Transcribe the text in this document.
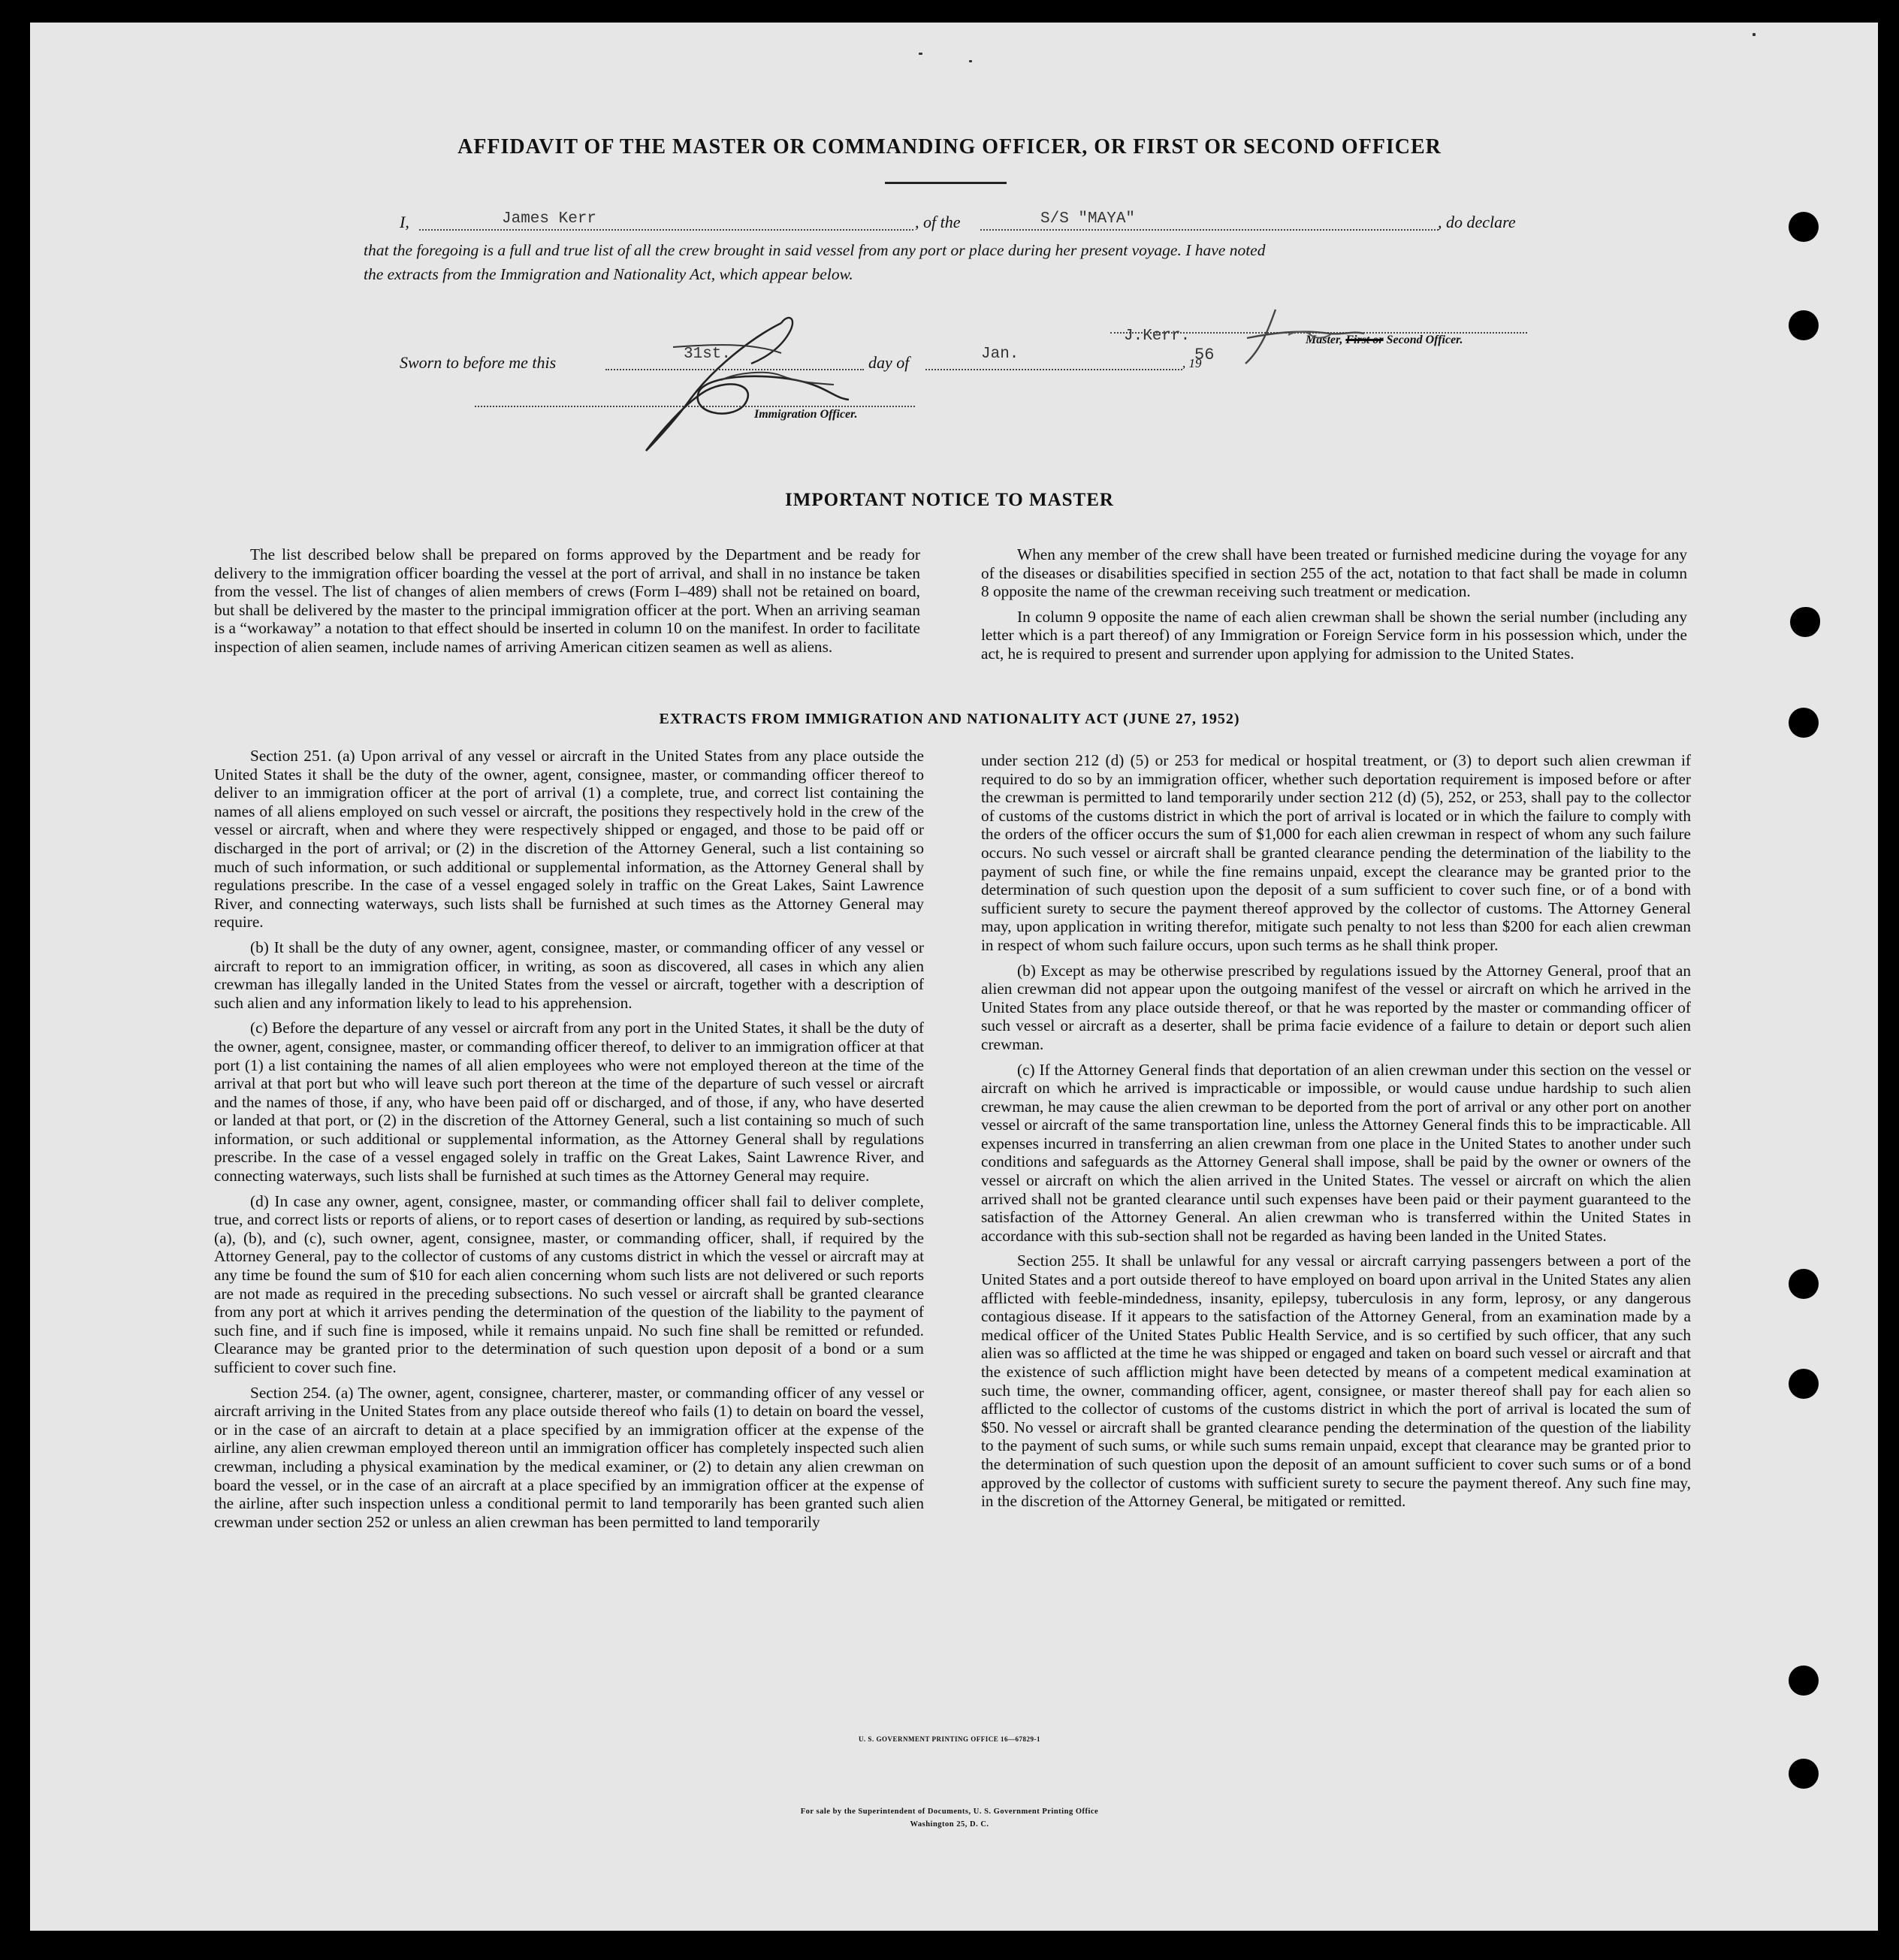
AFFIDAVIT OF THE MASTER OR COMMANDING OFFICER, OR FIRST OR SECOND OFFICER
I,	James Kerr	, of the	S/S "MAYA"	, do declare
that the foregoing is a full and true list of all the crew brought in said vessel from any port or place during her present voyage. I have noted
the extracts from the Immigration and Nationality Act, which appear below.
Sworn to before me this	31st.	day of	Jan.
, 19
56
J.Kerr.	Master, First or Second Officer.
Immigration Officer.
IMPORTANT NOTICE TO MASTER

The list described below shall be prepared on forms approved by the Department and be ready for delivery to the immigration officer boarding the vessel at the port of arrival, and shall in no instance be taken from the vessel. The list of changes of alien members of crews (Form I–489) shall not be retained on board, but shall be delivered by the master to the principal immigration officer at the port. When an arriving seaman is a “workaway” a notation to that effect should be inserted in column 10 on the manifest. In order to facilitate inspection of alien seamen, include names of arriving American citizen seamen as well as aliens.

When any member of the crew shall have been treated or furnished medicine during the voyage for any of the diseases or disabilities specified in section 255 of the act, notation to that fact shall be made in column 8 opposite the name of the crewman receiving such treatment or medication.

In column 9 opposite the name of each alien crewman shall be shown the serial number (including any letter which is a part thereof) of any Immigration or Foreign Service form in his possession which, under the act, he is required to present and surrender upon applying for admission to the United States.

EXTRACTS FROM IMMIGRATION AND NATIONALITY ACT (JUNE 27, 1952)

Section 251. (a) Upon arrival of any vessel or aircraft in the United States from any place outside the United States it shall be the duty of the owner, agent, consignee, master, or commanding officer thereof to deliver to an immigration officer at the port of arrival (1) a complete, true, and correct list containing the names of all aliens employed on such vessel or aircraft, the positions they respectively hold in the crew of the vessel or aircraft, when and where they were respectively shipped or engaged, and those to be paid off or discharged in the port of arrival; or (2) in the discretion of the Attorney General, such a list containing so much of such information, or such additional or supplemental information, as the Attorney General shall by regulations prescribe. In the case of a vessel engaged solely in traffic on the Great Lakes, Saint Lawrence River, and connecting waterways, such lists shall be furnished at such times as the Attorney General may require.

(b) It shall be the duty of any owner, agent, consignee, master, or commanding officer of any vessel or aircraft to report to an immigration officer, in writing, as soon as discovered, all cases in which any alien crewman has illegally landed in the United States from the vessel or aircraft, together with a description of such alien and any information likely to lead to his apprehension.

(c) Before the departure of any vessel or aircraft from any port in the United States, it shall be the duty of the owner, agent, consignee, master, or commanding officer thereof, to deliver to an immigration officer at that port (1) a list containing the names of all alien employees who were not employed thereon at the time of the arrival at that port but who will leave such port thereon at the time of the departure of such vessel or aircraft and the names of those, if any, who have been paid off or discharged, and of those, if any, who have deserted or landed at that port, or (2) in the discretion of the Attorney General, such a list containing so much of such information, or such additional or supplemental information, as the Attorney General shall by regulations prescribe. In the case of a vessel engaged solely in traffic on the Great Lakes, Saint Lawrence River, and connecting waterways, such lists shall be furnished at such times as the Attorney General may require.

(d) In case any owner, agent, consignee, master, or commanding officer shall fail to deliver complete, true, and correct lists or reports of aliens, or to report cases of desertion or landing, as required by sub-sections (a), (b), and (c), such owner, agent, consignee, master, or commanding officer, shall, if required by the Attorney General, pay to the collector of customs of any customs district in which the vessel or aircraft may at any time be found the sum of $10 for each alien concerning whom such lists are not delivered or such reports are not made as required in the preceding subsections. No such vessel or aircraft shall be granted clearance from any port at which it arrives pending the determination of the question of the liability to the payment of such fine, and if such fine is imposed, while it remains unpaid. No such fine shall be remitted or refunded. Clearance may be granted prior to the determination of such question upon deposit of a bond or a sum sufficient to cover such fine.

Section 254. (a) The owner, agent, consignee, charterer, master, or commanding officer of any vessel or aircraft arriving in the United States from any place outside thereof who fails (1) to detain on board the vessel, or in the case of an aircraft to detain at a place specified by an immigration officer at the expense of the airline, any alien crewman employed thereon until an immigration officer has completely inspected such alien crewman, including a physical examination by the medical examiner, or (2) to detain any alien crewman on board the vessel, or in the case of an aircraft at a place specified by an immigration officer at the expense of the airline, after such inspection unless a conditional permit to land temporarily has been granted such alien crewman under section 252 or unless an alien crewman has been permitted to land temporarily

under section 212 (d) (5) or 253 for medical or hospital treatment, or (3) to deport such alien crewman if required to do so by an immigration officer, whether such deportation requirement is imposed before or after the crewman is permitted to land temporarily under section 212 (d) (5), 252, or 253, shall pay to the collector of customs of the customs district in which the port of arrival is located or in which the failure to comply with the orders of the officer occurs the sum of $1,000 for each alien crewman in respect of whom any such failure occurs. No such vessel or aircraft shall be granted clearance pending the determination of the liability to the payment of such fine, or while the fine remains unpaid, except the clearance may be granted prior to the determination of such question upon the deposit of a sum sufficient to cover such fine, or of a bond with sufficient surety to secure the payment thereof approved by the collector of customs. The Attorney General may, upon application in writing therefor, mitigate such penalty to not less than $200 for each alien crewman in respect of whom such failure occurs, upon such terms as he shall think proper.

(b) Except as may be otherwise prescribed by regulations issued by the Attorney General, proof that an alien crewman did not appear upon the outgoing manifest of the vessel or aircraft on which he arrived in the United States from any place outside thereof, or that he was reported by the master or commanding officer of such vessel or aircraft as a deserter, shall be prima facie evidence of a failure to detain or deport such alien crewman.

(c) If the Attorney General finds that deportation of an alien crewman under this section on the vessel or aircraft on which he arrived is impracticable or impossible, or would cause undue hardship to such alien crewman, he may cause the alien crewman to be deported from the port of arrival or any other port on another vessel or aircraft of the same transportation line, unless the Attorney General finds this to be impracticable. All expenses incurred in transferring an alien crewman from one place in the United States to another under such conditions and safeguards as the Attorney General shall impose, shall be paid by the owner or owners of the vessel or aircraft on which the alien arrived in the United States. The vessel or aircraft on which the alien arrived shall not be granted clearance until such expenses have been paid or their payment guaranteed to the satisfaction of the Attorney General. An alien crewman who is transferred within the United States in accordance with this sub-section shall not be regarded as having been landed in the United States.

Section 255. It shall be unlawful for any vessal or aircraft carrying passengers between a port of the United States and a port outside thereof to have employed on board upon arrival in the United States any alien afflicted with feeble-mindedness, insanity, epilepsy, tuberculosis in any form, leprosy, or any dangerous contagious disease. If it appears to the satisfaction of the Attorney General, from an examination made by a medical officer of the United States Public Health Service, and is so certified by such officer, that any such alien was so afflicted at the time he was shipped or engaged and taken on board such vessel or aircraft and that the existence of such affliction might have been detected by means of a competent medical examination at such time, the owner, commanding officer, agent, consignee, or master thereof shall pay for each alien so afflicted to the collector of customs of the customs district in which the port of arrival is located the sum of $50. No vessel or aircraft shall be granted clearance pending the determination of the question of the liability to the payment of such sums, or while such sums remain unpaid, except that clearance may be granted prior to the determination of such question upon the deposit of an amount sufficient to cover such sums or of a bond approved by the collector of customs with sufficient surety to secure the payment thereof. Any such fine may, in the discretion of the Attorney General, be mitigated or remitted.

U. S. GOVERNMENT PRINTING OFFICE 16—67829-1
For sale by the Superintendent of Documents, U. S. Government Printing Office
Washington 25, D. C.
